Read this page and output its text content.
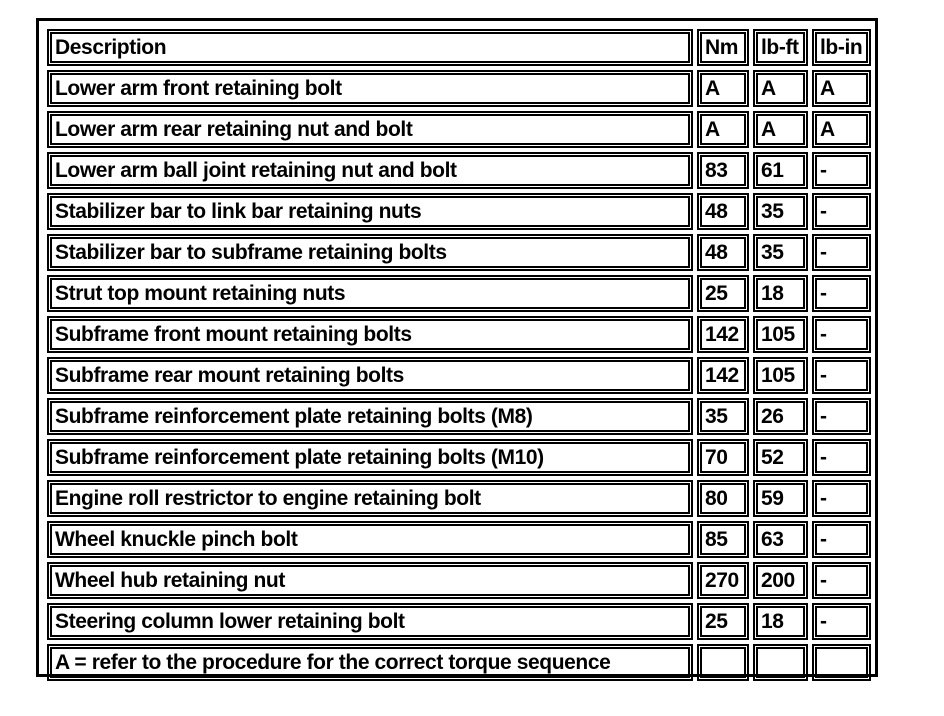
Description	Nm	lb-ft	lb-in
Lower arm front retaining bolt	A	A	A
Lower arm rear retaining nut and bolt	A	A	A
Lower arm ball joint retaining nut and bolt	83	61	-
Stabilizer bar to link bar retaining nuts	48	35	-
Stabilizer bar to subframe retaining bolts	48	35	-
Strut top mount retaining nuts	25	18	-
Subframe front mount retaining bolts	142	105	-
Subframe rear mount retaining bolts	142	105	-
Subframe reinforcement plate retaining bolts (M8)	35	26	-
Subframe reinforcement plate retaining bolts (M10)	70	52	-
Engine roll restrictor to engine retaining bolt	80	59	-
Wheel knuckle pinch bolt	85	63	-
Wheel hub retaining nut	270	200	-
Steering column lower retaining bolt	25	18	-
A = refer to the procedure for the correct torque sequence			
